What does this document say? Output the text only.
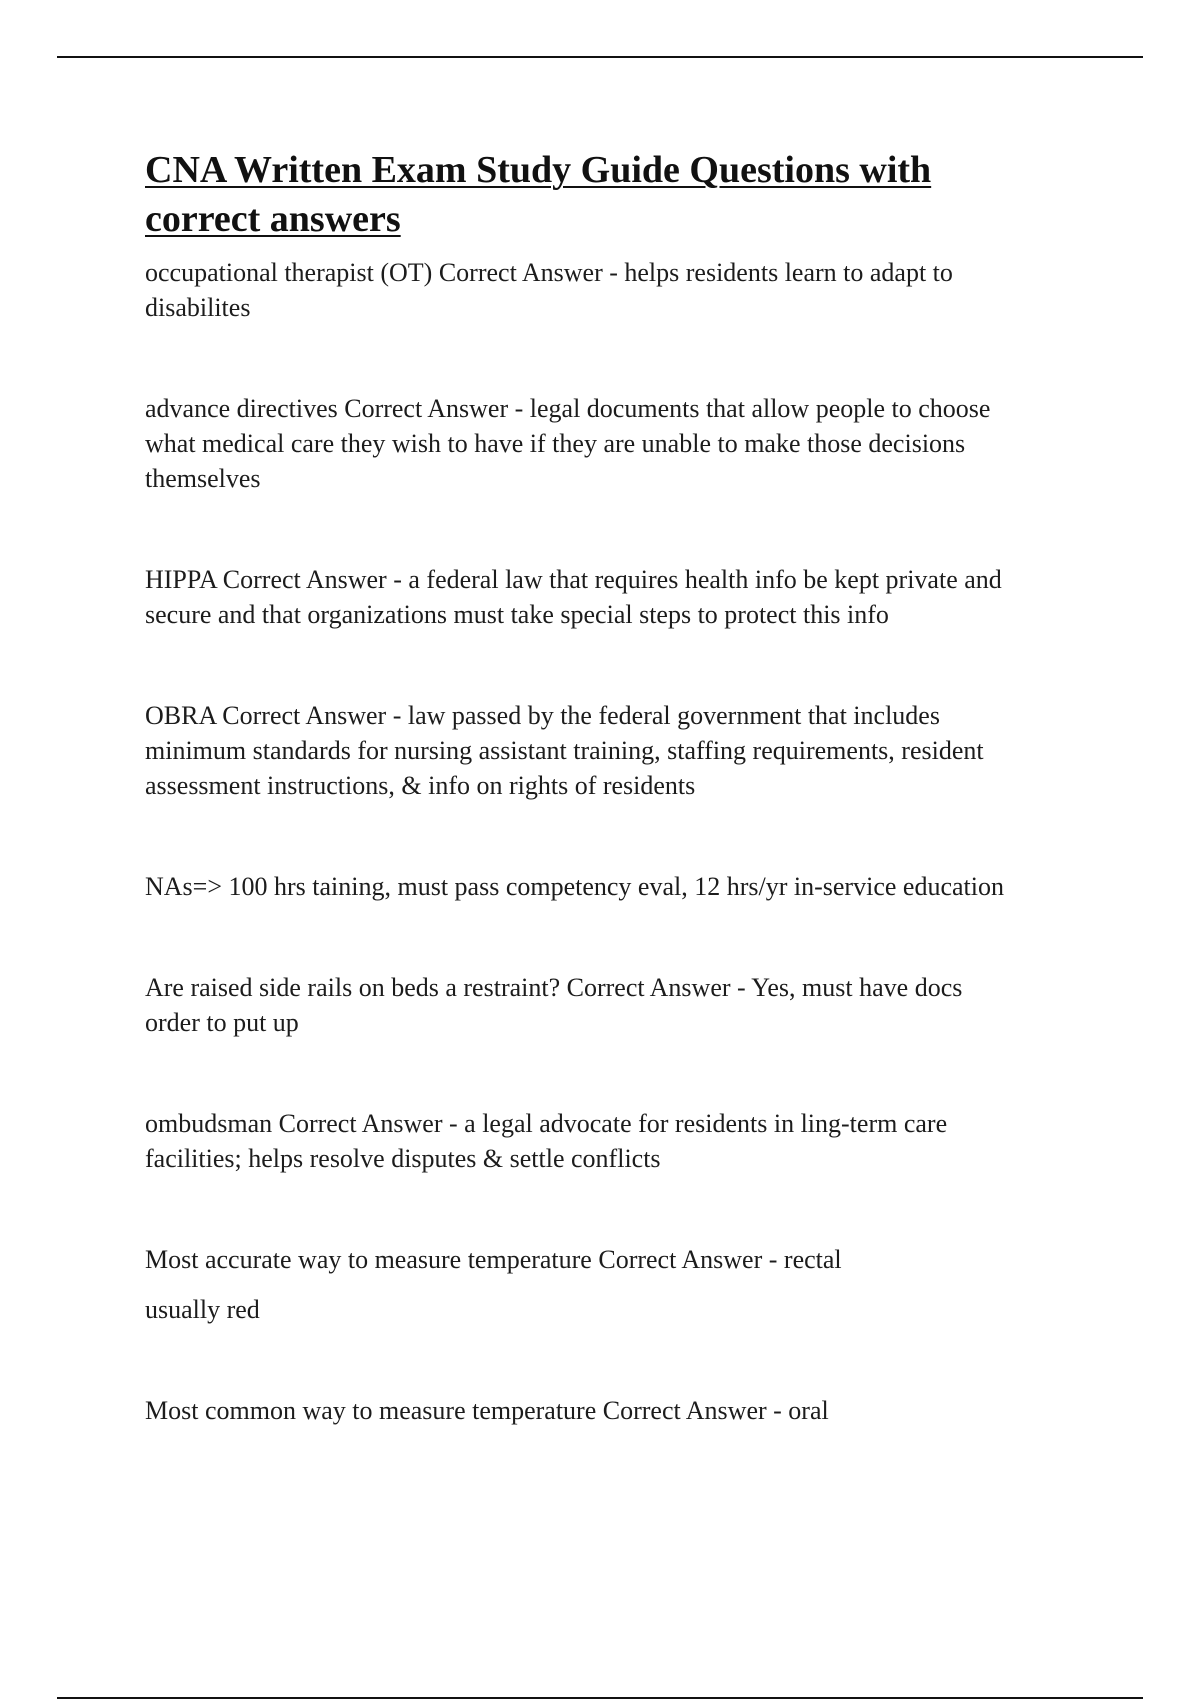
CNA Written Exam Study Guide Questions with
correct answers

occupational therapist (OT) Correct Answer - helps residents learn to adapt to
disabilites

advance directives Correct Answer - legal documents that allow people to choose
what medical care they wish to have if they are unable to make those decisions
themselves

HIPPA Correct Answer - a federal law that requires health info be kept private and
secure and that organizations must take special steps to protect this info

OBRA Correct Answer - law passed by the federal government that includes
minimum standards for nursing assistant training, staffing requirements, resident
assessment instructions, & info on rights of residents

NAs=> 100 hrs taining, must pass competency eval, 12 hrs/yr in-service education

Are raised side rails on beds a restraint? Correct Answer - Yes, must have docs
order to put up

ombudsman Correct Answer - a legal advocate for residents in ling-term care
facilities; helps resolve disputes & settle conflicts

Most accurate way to measure temperature Correct Answer - rectal

usually red

Most common way to measure temperature Correct Answer - oral
